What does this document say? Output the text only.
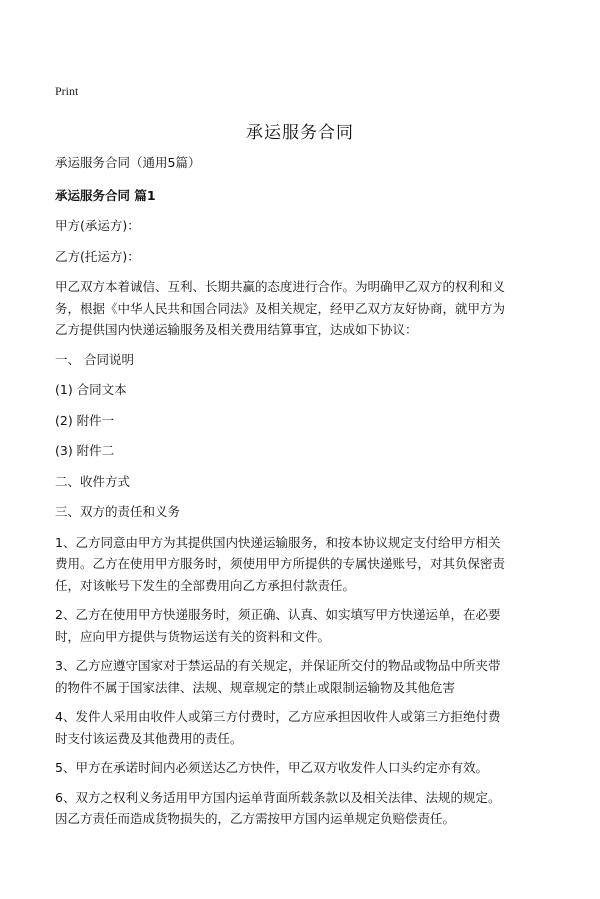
Print
承运服务合同

承运服务合同（通用5篇）

承运服务合同 篇1

甲方(承运方)：

乙方(托运方)：

甲乙双方本着诚信、互利、长期共赢的态度进行合作。为明确甲乙双方的权利和义
务，根据《中华人民共和国合同法》及相关规定，经甲乙双方友好协商，就甲方为
乙方提供国内快递运输服务及相关费用结算事宜，达成如下协议：

一、 合同说明

(1) 合同文本

(2) 附件一

(3) 附件二

二、收件方式

三、双方的责任和义务

1、乙方同意由甲方为其提供国内快递运输服务，和按本协议规定支付给甲方相关
费用。乙方在使用甲方服务时，须使用甲方所提供的专属快递账号，对其负保密责
任，对该帐号下发生的全部费用向乙方承担付款责任。

2、乙方在使用甲方快递服务时，须正确、认真、如实填写甲方快递运单，在必要
时，应向甲方提供与货物运送有关的资料和文件。

3、乙方应遵守国家对于禁运品的有关规定，并保证所交付的物品或物品中所夹带
的物件不属于国家法律、法规、规章规定的禁止或限制运输物及其他危害

4、发件人采用由收件人或第三方付费时，乙方应承担因收件人或第三方拒绝付费
时支付该运费及其他费用的责任。

5、甲方在承诺时间内必须送达乙方快件，甲乙双方收发件人口头约定亦有效。

6、双方之权利义务适用甲方国内运单背面所载条款以及相关法律、法规的规定。
因乙方责任而造成货物损失的，乙方需按甲方国内运单规定负赔偿责任。
